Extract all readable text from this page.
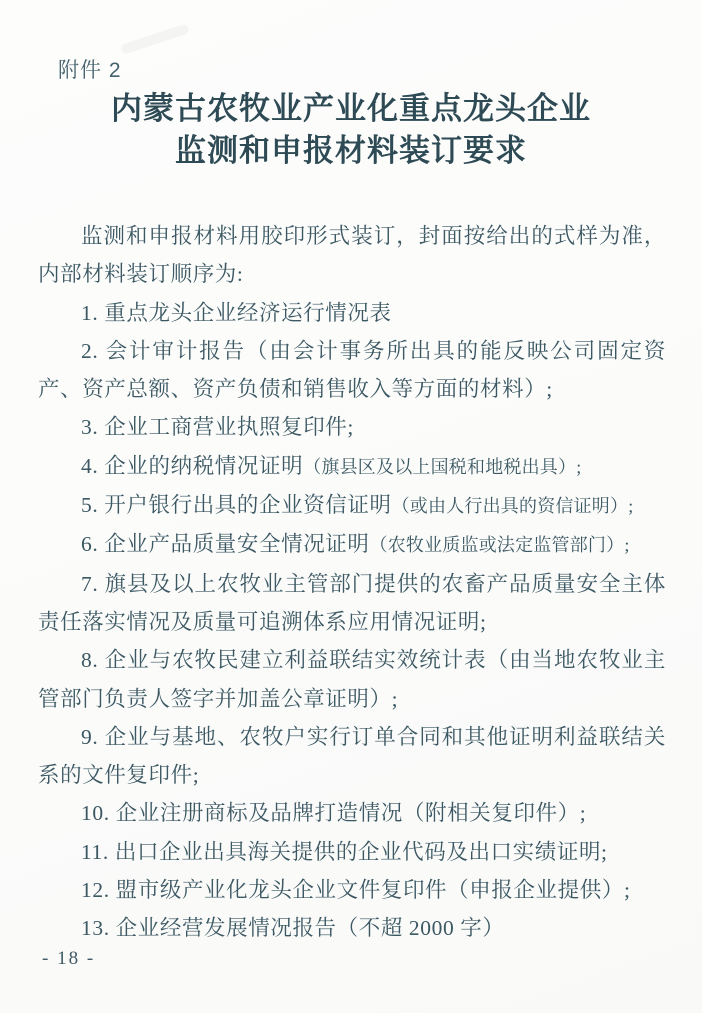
附件 2
内蒙古农牧业产业化重点龙头企业
监测和申报材料装订要求

监测和申报材料用胶印形式装订，封面按给出的式样为准，内部材料装订顺序为:

1. 重点龙头企业经济运行情况表

2. 会计审计报告（由会计事务所出具的能反映公司固定资产、资产总额、资产负债和销售收入等方面的材料）;

3. 企业工商营业执照复印件;

4. 企业的纳税情况证明（旗县区及以上国税和地税出具）;

5. 开户银行出具的企业资信证明（或由人行出具的资信证明）;

6. 企业产品质量安全情况证明（农牧业质监或法定监管部门）;

7. 旗县及以上农牧业主管部门提供的农畜产品质量安全主体责任落实情况及质量可追溯体系应用情况证明;

8. 企业与农牧民建立利益联结实效统计表（由当地农牧业主管部门负责人签字并加盖公章证明）;

9. 企业与基地、农牧户实行订单合同和其他证明利益联结关系的文件复印件;

10. 企业注册商标及品牌打造情况（附相关复印件）;

11. 出口企业出具海关提供的企业代码及出口实绩证明;

12. 盟市级产业化龙头企业文件复印件（申报企业提供）;

13. 企业经营发展情况报告（不超 2000 字）

- 18 -
